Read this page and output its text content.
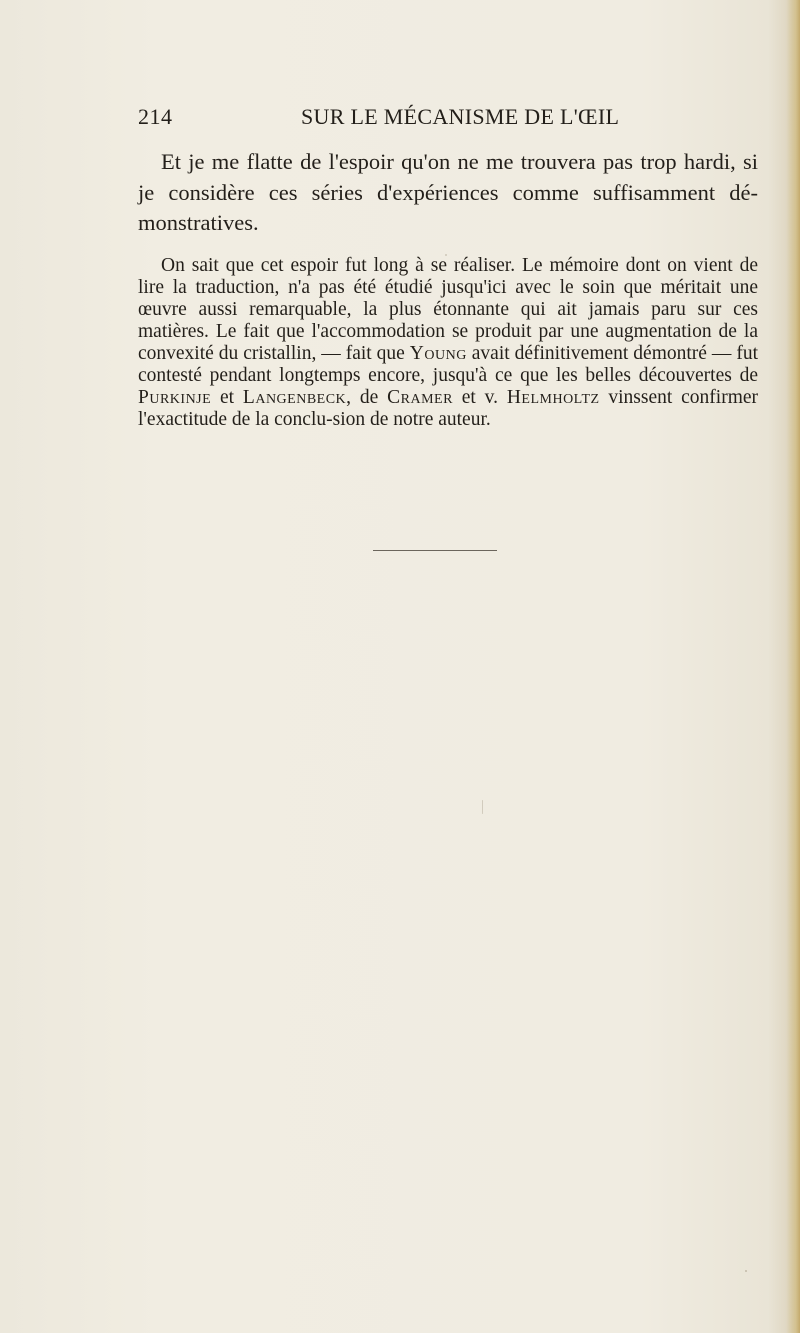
214	SUR LE MÉCANISME DE L'ŒIL

Et je me flatte de l'espoir qu'on ne me trouvera pas trop hardi, si je considère ces séries d'expériences comme suffisamment dé-monstratives.

On sait que cet espoir fut long à se réaliser. Le mémoire dont on vient de lire la traduction, n'a pas été étudié jusqu'ici avec le soin que méritait une œuvre aussi remarquable, la plus étonnante qui ait jamais paru sur ces matières. Le fait que l'accommodation se produit par une augmentation de la convexité du cristallin, — fait que Young avait définitivement démontré — fut contesté pendant longtemps encore, jusqu'à ce que les belles découvertes de Purkinje et Langenbeck, de Cramer et v. Helmholtz vinssent confirmer l'exactitude de la conclu-sion de notre auteur.
